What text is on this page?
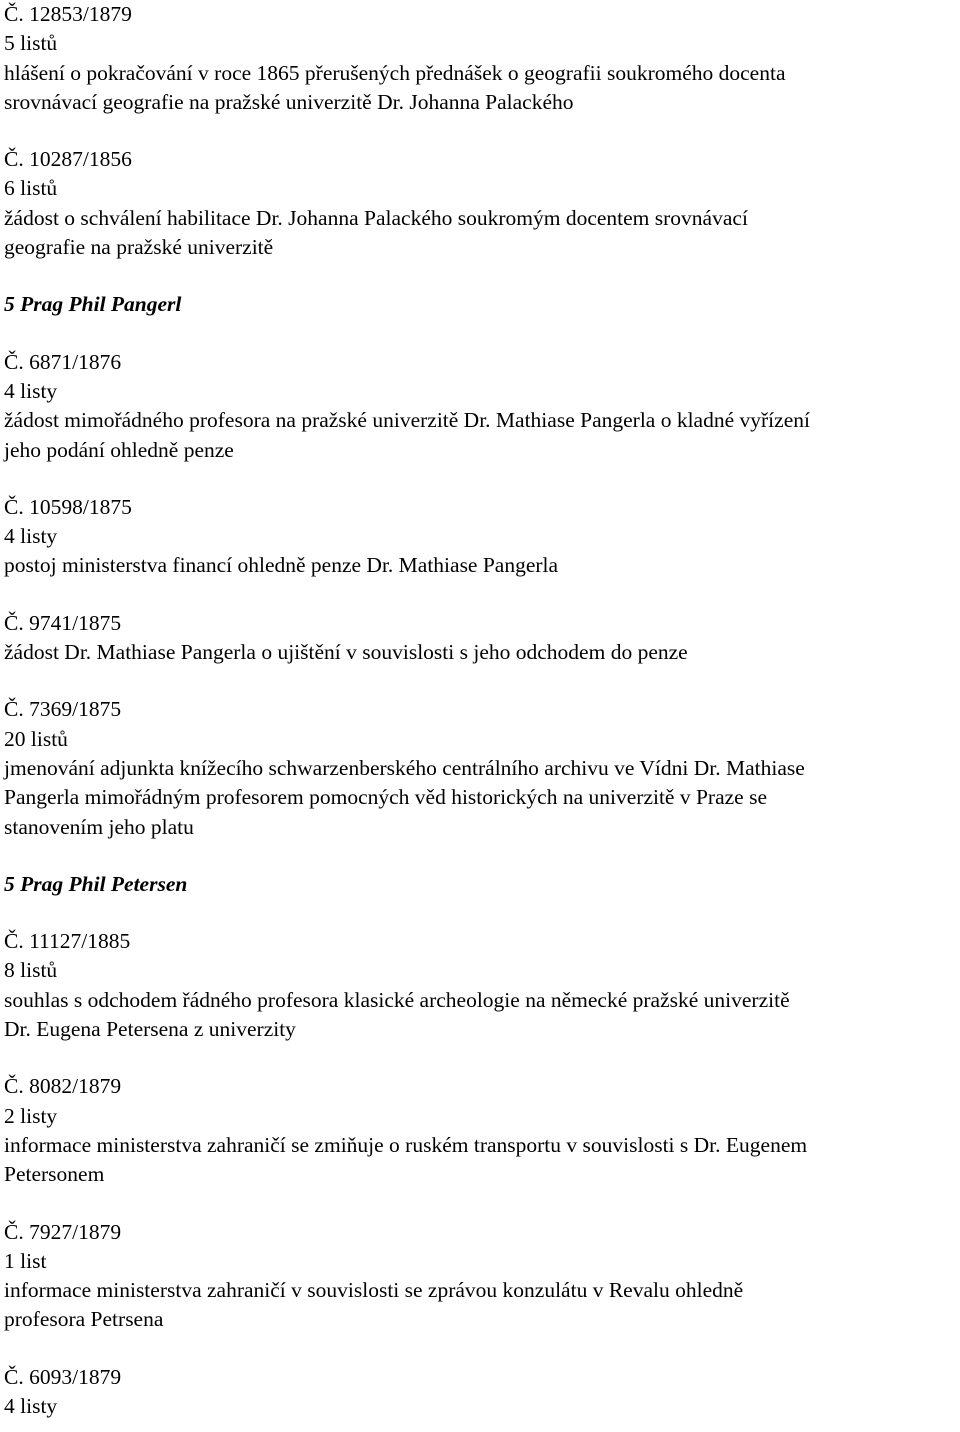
Č. 12853/1879
5 listů
hlášení o pokračování v roce 1865 přerušených přednášek o geografii soukromého docenta
srovnávací geografie na pražské univerzitě Dr. Johanna Palackého
Č. 10287/1856
6 listů
žádost o schválení habilitace Dr. Johanna Palackého soukromým docentem srovnávací
geografie na pražské univerzitě
5 Prag Phil Pangerl
Č. 6871/1876
4 listy
žádost mimořádného profesora na pražské univerzitě Dr. Mathiase Pangerla o kladné vyřízení
jeho podání ohledně penze
Č. 10598/1875
4 listy
postoj ministerstva financí ohledně penze Dr. Mathiase Pangerla
Č. 9741/1875
žádost Dr. Mathiase Pangerla o ujištění v souvislosti s jeho odchodem do penze
Č. 7369/1875
20 listů
jmenování adjunkta knížecího schwarzenberského centrálního archivu ve Vídni Dr. Mathiase
Pangerla mimořádným profesorem pomocných věd historických na univerzitě v Praze se
stanovením jeho platu
5 Prag Phil Petersen
Č. 11127/1885
8 listů
souhlas s odchodem řádného profesora klasické archeologie na německé pražské univerzitě
Dr. Eugena Petersena z univerzity
Č. 8082/1879
2 listy
informace ministerstva zahraničí se zmiňuje o ruském transportu v souvislosti s Dr. Eugenem
Petersonem
Č. 7927/1879
1 list
informace ministerstva zahraničí v souvislosti se zprávou konzulátu v Revalu ohledně
profesora Petrsena
Č. 6093/1879
4 listy
